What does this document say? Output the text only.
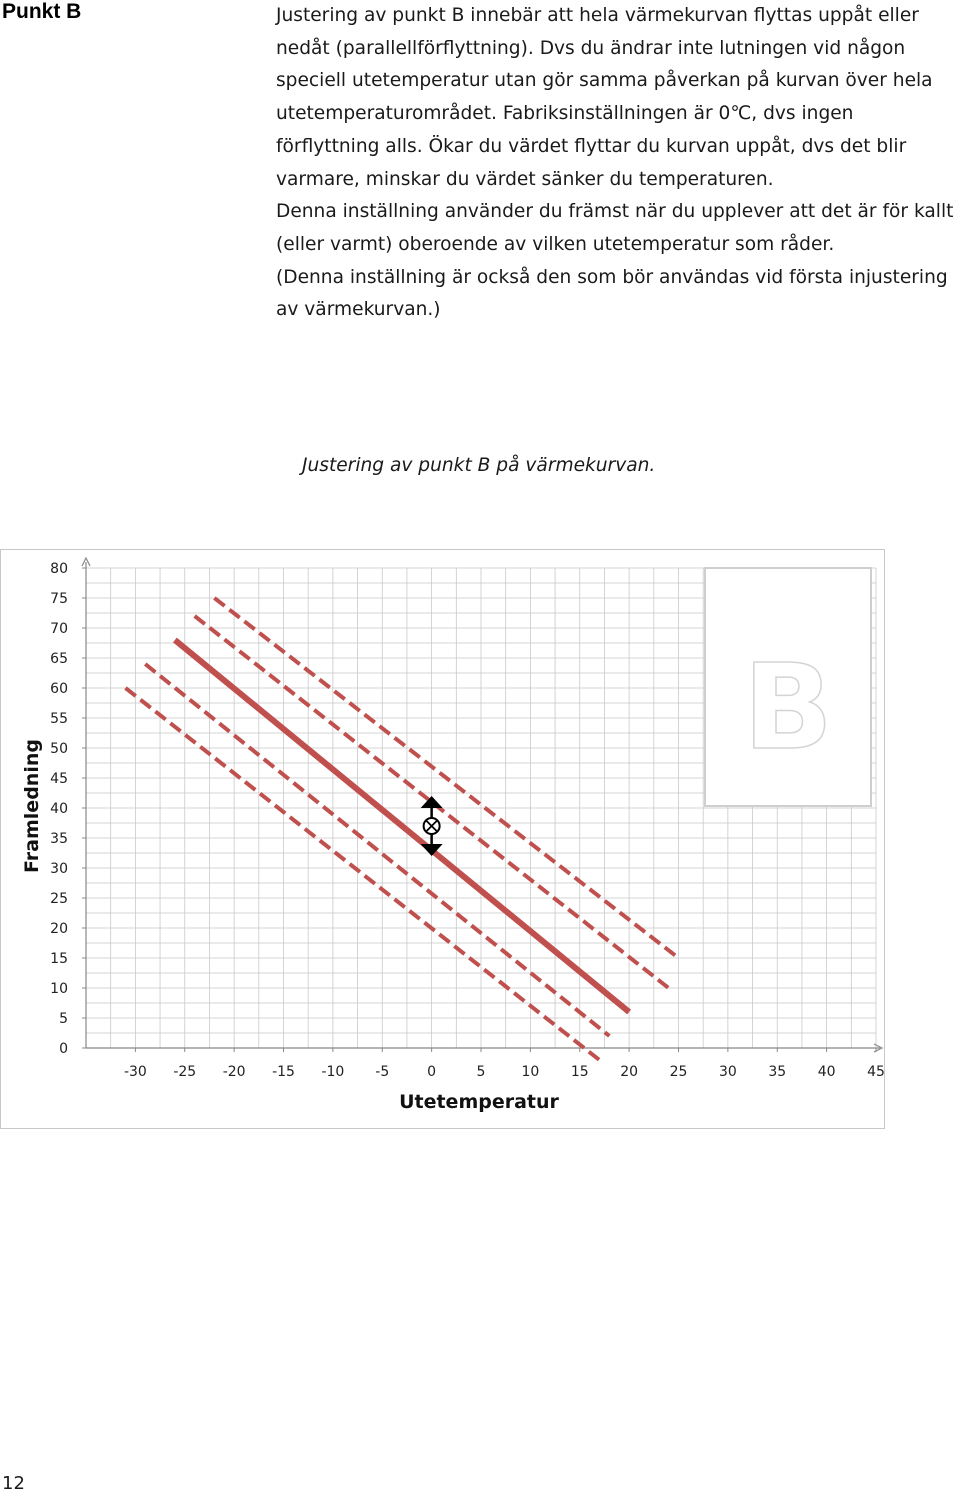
Punkt B	Justering av punkt B innebär att hela värmekurvan flyttas uppåt eller
nedåt (parallellförflyttning). Dvs du ändrar inte lutningen vid någon
speciell utetemperatur utan gör samma påverkan på kurvan över hela
utetemperaturområdet. Fabriksinställningen är 0℃, dvs ingen
förflyttning alls. Ökar du värdet flyttar du kurvan uppåt, dvs det blir
varmare, minskar du värdet sänker du temperaturen.
Denna inställning använder du främst när du upplever att det är för kallt
(eller varmt) oberoende av vilken utetemperatur som råder.
(Denna inställning är också den som bör användas vid första injustering
av värmekurvan.)

Justering av punkt B på värmekurvan.

B
0
5
10
15
20
25
30
35
40
45
50
55
60
65
70
75
80
-30 -25 -20 -15 -10 -5	0	5	10 15 20 25 30 35 40 45
Utetemperatur
Framledning

12
